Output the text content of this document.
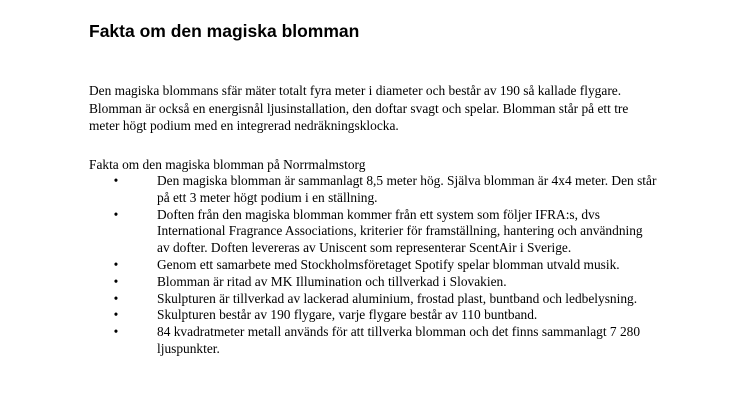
Fakta om den magiska blomman

Den magiska blommans sfär mäter totalt fyra meter i diameter och består av 190 så kallade flygare. Blomman är också en energisnål ljusinstallation, den doftar svagt och spelar. Blomman står på ett tre meter högt podium med en integrerad nedräkningsklocka.

Fakta om den magiska blomman på Norrmalmstorg

•	Den magiska blomman är sammanlagt 8,5 meter hög. Själva blomman är 4x4 meter. Den står på ett 3 meter högt podium i en ställning.
•	Doften från den magiska blomman kommer från ett system som följer IFRA:s, dvs International Fragrance Associations, kriterier för framställning, hantering och användning av dofter. Doften levereras av Uniscent som representerar ScentAir i Sverige.
•	Genom ett samarbete med Stockholmsföretaget Spotify spelar blomman utvald musik.
•	Blomman är ritad av MK Illumination och tillverkad i Slovakien.
•	Skulpturen är tillverkad av lackerad aluminium, frostad plast, buntband och ledbelysning.
•	Skulpturen består av 190 flygare, varje flygare består av 110 buntband.
•	84 kvadratmeter metall används för att tillverka blomman och det finns sammanlagt 7 280 ljuspunkter.
